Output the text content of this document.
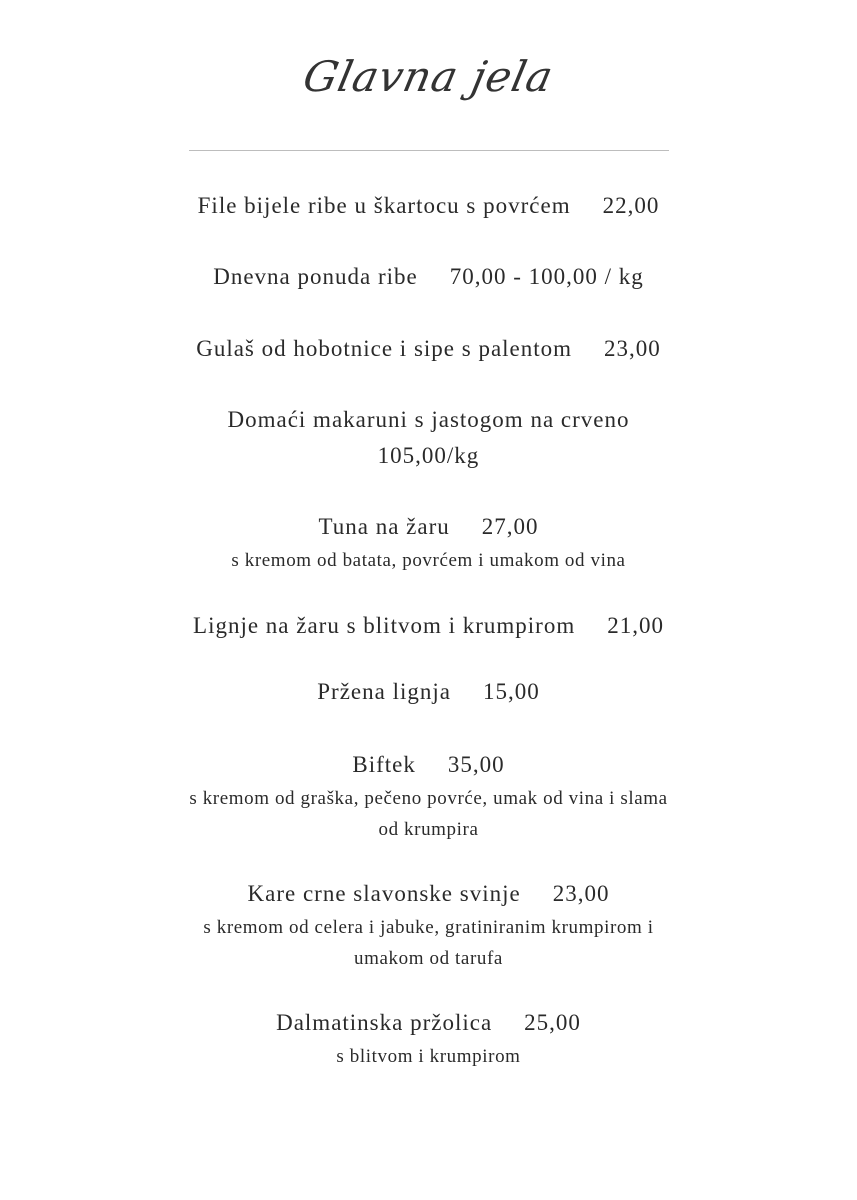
Glavna jela
File bijele ribe u škartocu s povrćem 22,00
Dnevna ponuda ribe 70,00 - 100,00 / kg
Gulaš od hobotnice i sipe s palentom 23,00
Domaći makaruni s jastogom na crveno
105,00/kg
Tuna na žaru 27,00
s kremom od batata, povrćem i umakom od vina
Lignje na žaru s blitvom i krumpirom 21,00
Pržena lignja 15,00
Biftek 35,00
s kremom od graška, pečeno povrće, umak od vina i slama od krumpira
Kare crne slavonske svinje 23,00
s kremom od celera i jabuke, gratiniranim krumpirom i umakom od tarufa
Dalmatinska pržolica 25,00
s blitvom i krumpirom
